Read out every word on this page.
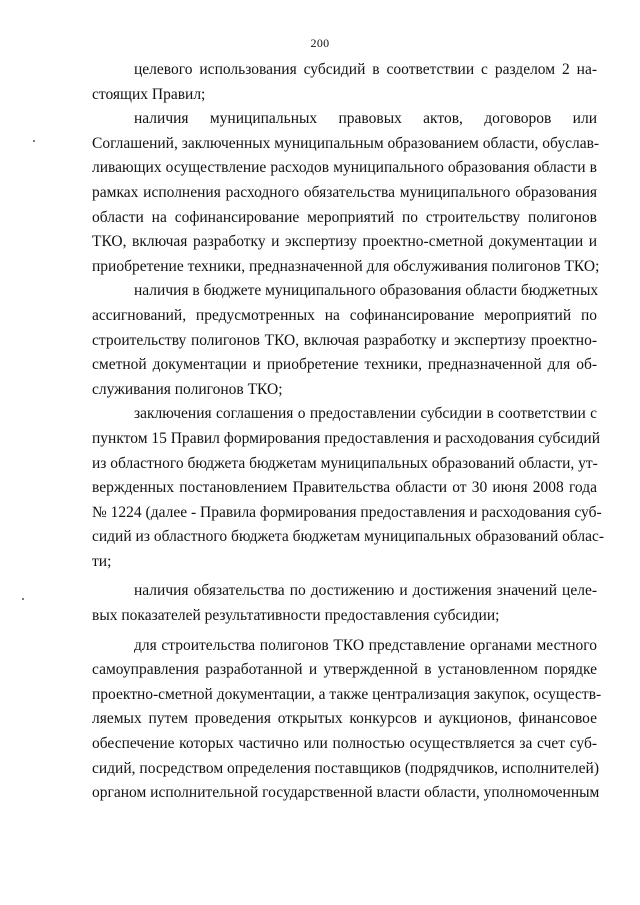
200
целевого использования субсидий в соответствии с разделом 2 на-
стоящих Правил;
наличия муниципальных правовых актов, договоров или
Соглашений, заключенных муниципальным образованием области, обуслав-
ливающих осуществление расходов муниципального образования области в
рамках исполнения расходного обязательства муниципального образования
области на софинансирование мероприятий по строительству полигонов
ТКО, включая разработку и экспертизу проектно-сметной документации и
приобретение техники, предназначенной для обслуживания полигонов ТКО;
наличия в бюджете муниципального образования области бюджетных
ассигнований, предусмотренных на софинансирование мероприятий по
строительству полигонов ТКО, включая разработку и экспертизу проектно-
сметной документации и приобретение техники, предназначенной для об-
служивания полигонов ТКО;
заключения соглашения о предоставлении субсидии в соответствии с
пунктом 15 Правил формирования предоставления и расходования субсидий
из областного бюджета бюджетам муниципальных образований области, ут-
вержденных постановлением Правительства области от 30 июня 2008 года
№ 1224 (далее - Правила формирования предоставления и расходования суб-
сидий из областного бюджета бюджетам муниципальных образований облас-
ти;
наличия обязательства по достижению и достижения значений целе-
вых показателей результативности предоставления субсидии;
для строительства полигонов ТКО представление органами местного
самоуправления разработанной и утвержденной в установленном порядке
проектно-сметной документации, а также централизация закупок, осуществ-
ляемых путем проведения открытых конкурсов и аукционов, финансовое
обеспечение которых частично или полностью осуществляется за счет суб-
сидий, посредством определения поставщиков (подрядчиков, исполнителей)
органом исполнительной государственной власти области, уполномоченным
